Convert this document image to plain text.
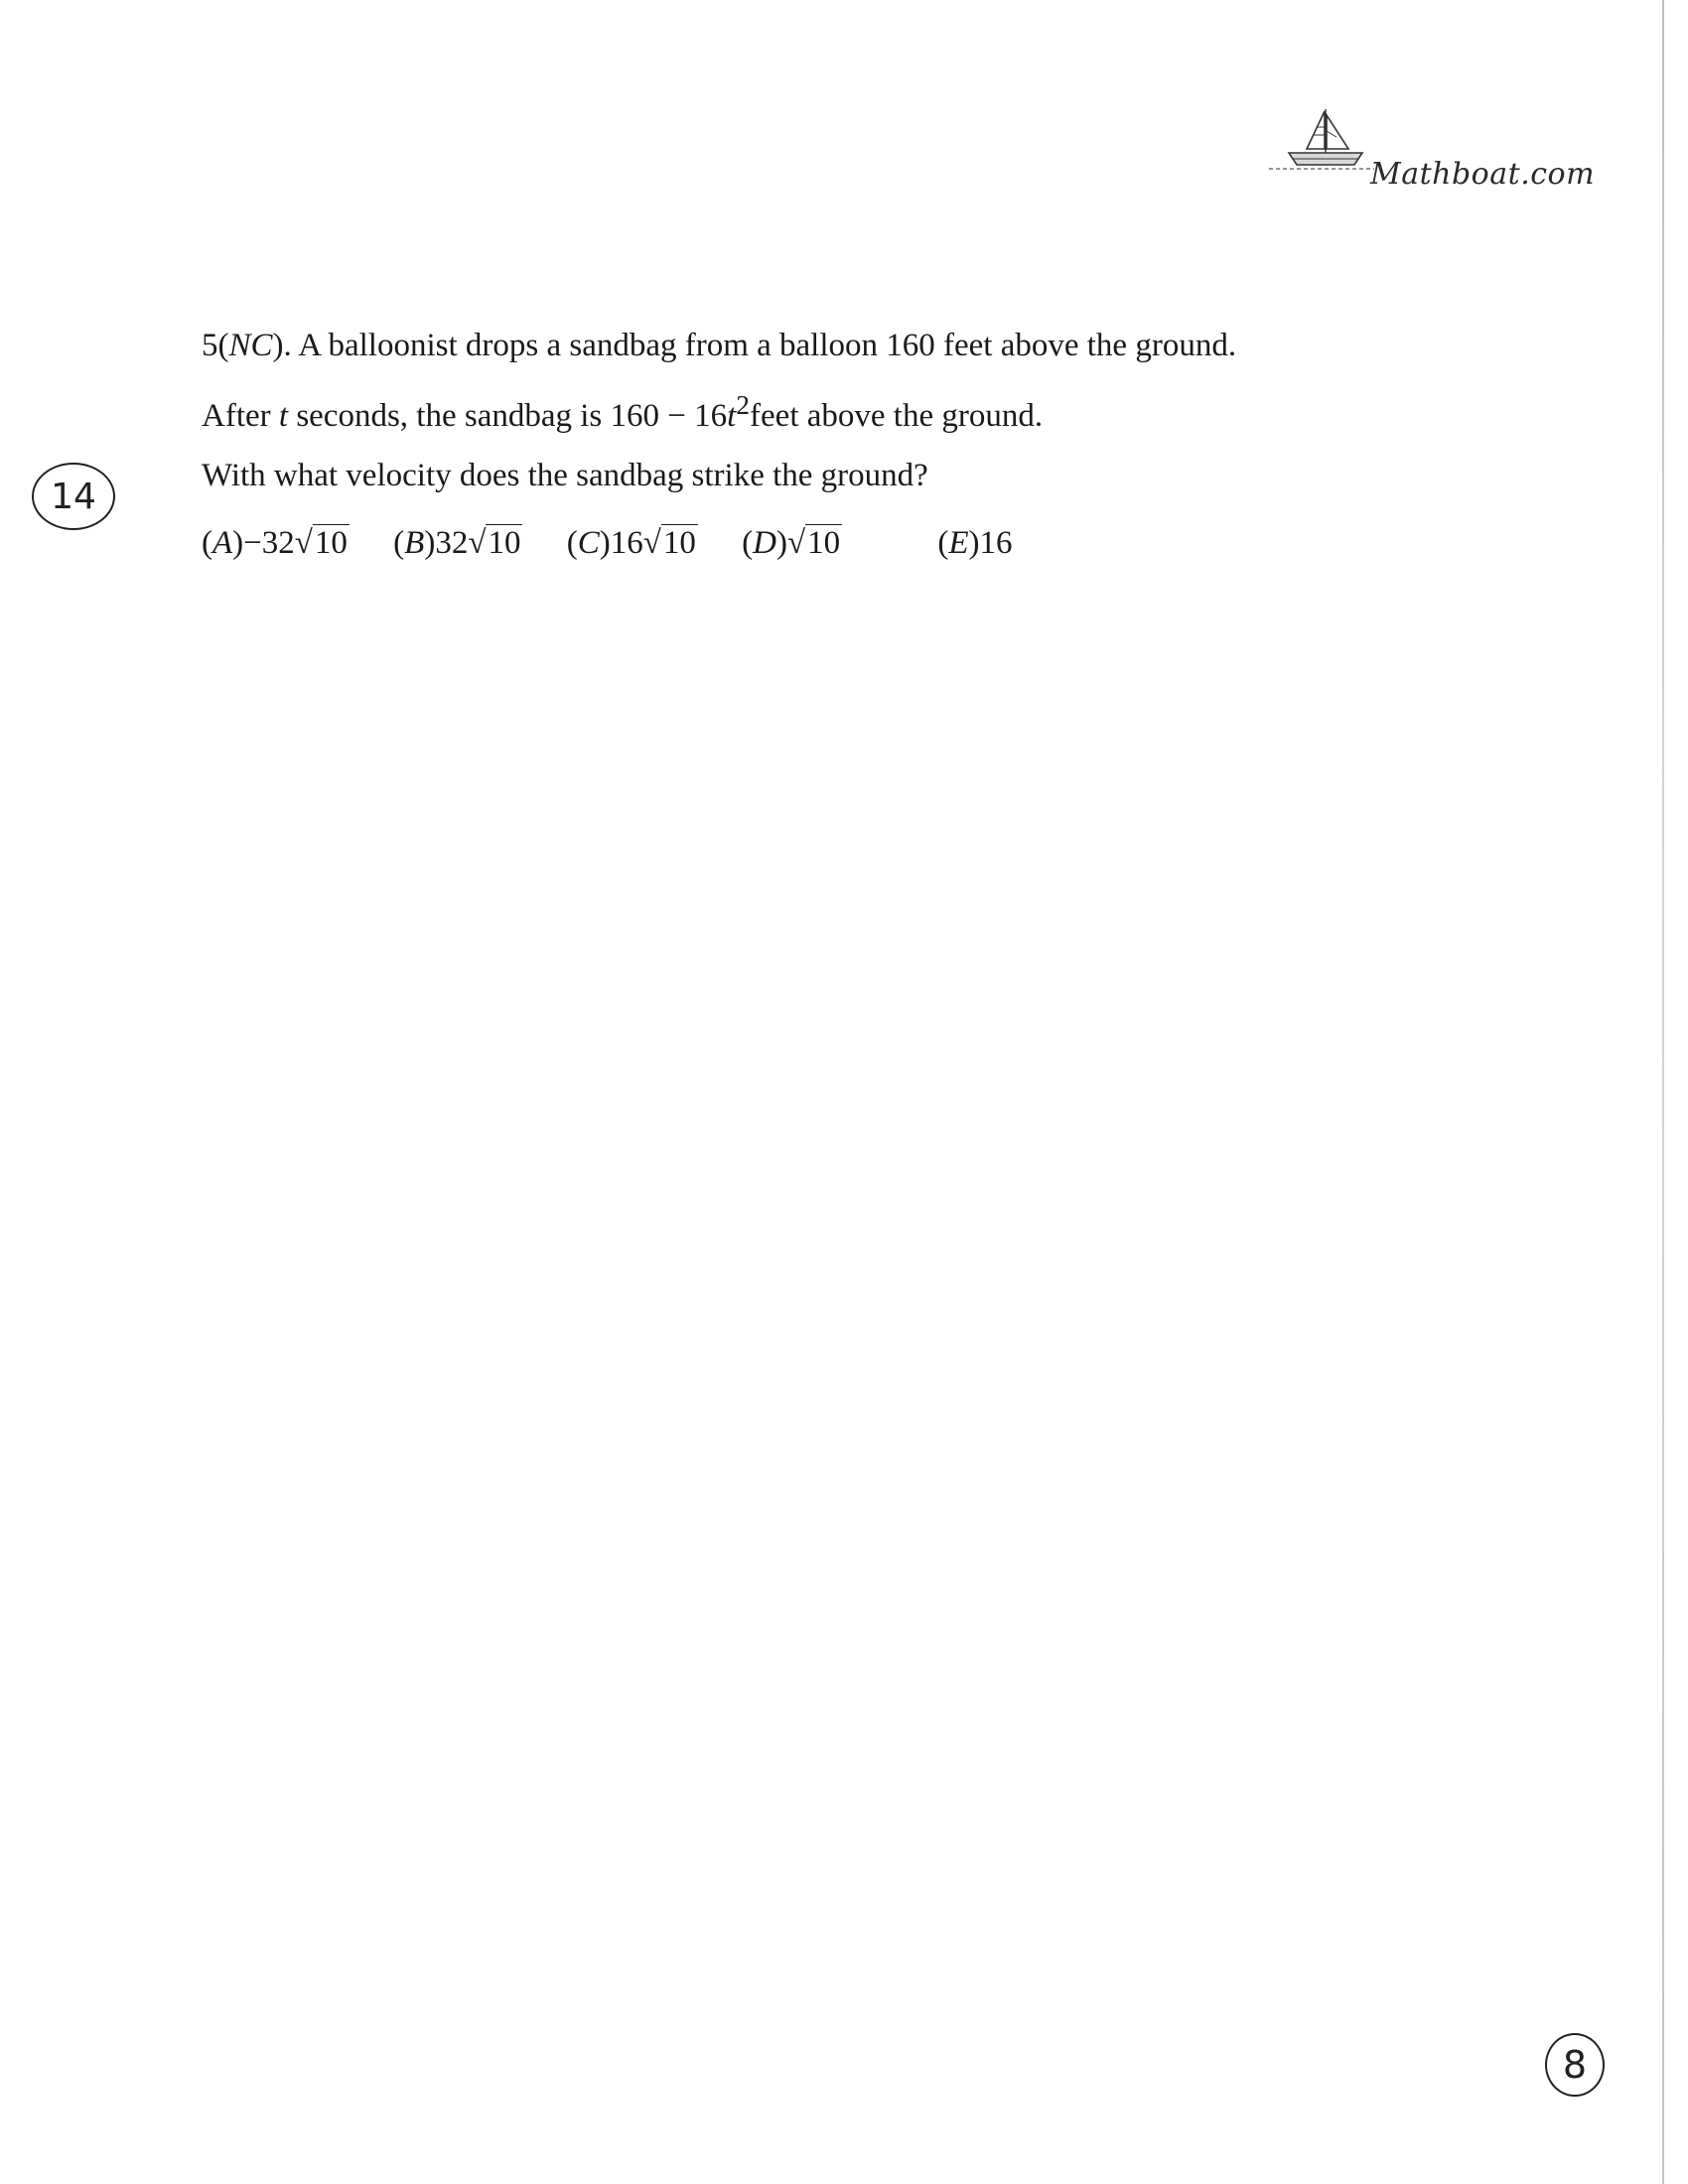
Mathboat.com
5(NC). A balloonist drops a sandbag from a balloon 160 feet above the ground.
After t seconds, the sandbag is $160 - 16t^2feet$ above the ground.
With what velocity does the sandbag strike the ground?
(A)−32√10 (B)32√10 (C)16√10 (D)√10	(E)16
14
8
